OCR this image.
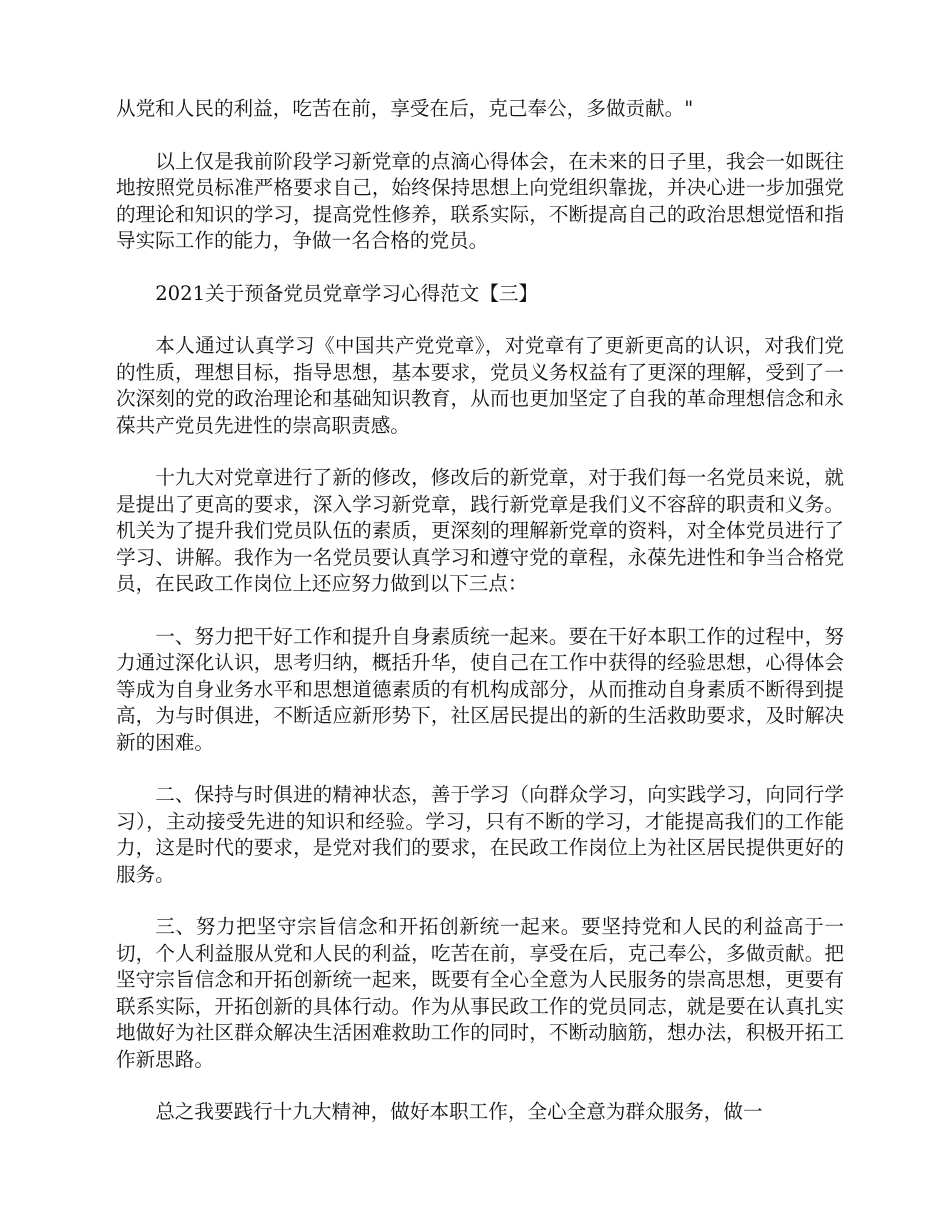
从党和人民的利益，吃苦在前，享受在后，克己奉公，多做贡献。"

以上仅是我前阶段学习新党章的点滴心得体会，在未来的日子里，我会一如既往地按照党员标准严格要求自己，始终保持思想上向党组织靠拢，并决心进一步加强党的理论和知识的学习，提高党性修养，联系实际，不断提高自己的政治思想觉悟和指导实际工作的能力，争做一名合格的党员。

2021关于预备党员党章学习心得范文【三】

本人通过认真学习《中国共产党党章》，对党章有了更新更高的认识，对我们党的性质，理想目标，指导思想，基本要求，党员义务权益有了更深的理解，受到了一次深刻的党的政治理论和基础知识教育，从而也更加坚定了自我的革命理想信念和永葆共产党员先进性的崇高职责感。

十九大对党章进行了新的修改，修改后的新党章，对于我们每一名党员来说，就是提出了更高的要求，深入学习新党章，践行新党章是我们义不容辞的职责和义务。机关为了提升我们党员队伍的素质，更深刻的理解新党章的资料，对全体党员进行了学习、讲解。我作为一名党员要认真学习和遵守党的章程，永葆先进性和争当合格党员，在民政工作岗位上还应努力做到以下三点：

一、努力把干好工作和提升自身素质统一起来。要在干好本职工作的过程中，努力通过深化认识，思考归纳，概括升华，使自己在工作中获得的经验思想，心得体会等成为自身业务水平和思想道德素质的有机构成部分，从而推动自身素质不断得到提高，为与时俱进，不断适应新形势下，社区居民提出的新的生活救助要求，及时解决新的困难。

二、保持与时俱进的精神状态，善于学习（向群众学习，向实践学习，向同行学习），主动接受先进的知识和经验。学习，只有不断的学习，才能提高我们的工作能力，这是时代的要求，是党对我们的要求，在民政工作岗位上为社区居民提供更好的服务。

三、努力把坚守宗旨信念和开拓创新统一起来。要坚持党和人民的利益高于一切，个人利益服从党和人民的利益，吃苦在前，享受在后，克己奉公，多做贡献。把坚守宗旨信念和开拓创新统一起来，既要有全心全意为人民服务的崇高思想，更要有联系实际，开拓创新的具体行动。作为从事民政工作的党员同志，就是要在认真扎实地做好为社区群众解决生活困难救助工作的同时，不断动脑筋，想办法，积极开拓工作新思路。

总之我要践行十九大精神，做好本职工作，全心全意为群众服务，做一
